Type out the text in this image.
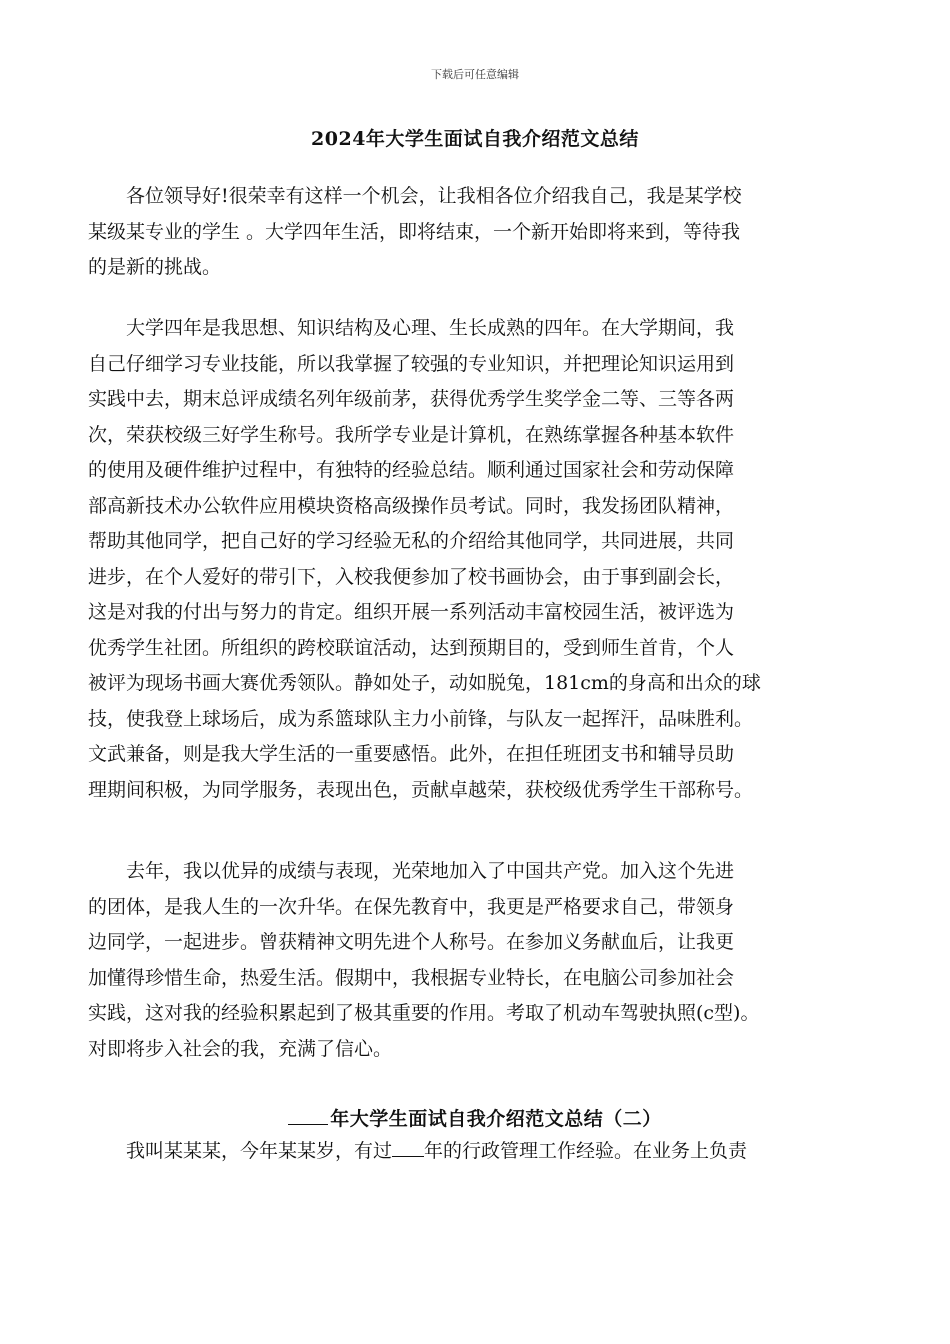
下载后可任意编辑
2024年大学生面试自我介绍范文总结
　　各位领导好!很荣幸有这样一个机会，让我相各位介绍我自己，我是某学校
某级某专业的学生 。大学四年生活，即将结束，一个新开始即将来到，等待我
的是新的挑战。
　　大学四年是我思想、知识结构及心理、生长成熟的四年。在大学期间，我
自己仔细学习专业技能，所以我掌握了较强的专业知识，并把理论知识运用到
实践中去，期末总评成绩名列年级前茅，获得优秀学生奖学金二等、三等各两
次，荣获校级三好学生称号。我所学专业是计算机，在熟练掌握各种基本软件
的使用及硬件维护过程中，有独特的经验总结。顺利通过国家社会和劳动保障
部高新技术办公软件应用模块资格高级操作员考试。同时，我发扬团队精神，
帮助其他同学，把自己好的学习经验无私的介绍给其他同学，共同进展，共同
进步，在个人爱好的带引下，入校我便参加了校书画协会，由于事到副会长，
这是对我的付出与努力的肯定。组织开展一系列活动丰富校园生活，被评选为
优秀学生社团。所组织的跨校联谊活动，达到预期目的，受到师生首肯，个人
被评为现场书画大赛优秀领队。静如处子，动如脱兔，181cm的身高和出众的球
技，使我登上球场后，成为系篮球队主力小前锋，与队友一起挥汗，品味胜利。
文武兼备，则是我大学生活的一重要感悟。此外，在担任班团支书和辅导员助
理期间积极，为同学服务，表现出色，贡献卓越荣，获校级优秀学生干部称号。
　　去年，我以优异的成绩与表现，光荣地加入了中国共产党。加入这个先进
的团体，是我人生的一次升华。在保先教育中，我更是严格要求自己，带领身
边同学，一起进步。曾获精神文明先进个人称号。在参加义务献血后，让我更
加懂得珍惜生命，热爱生活。假期中，我根据专业特长，在电脑公司参加社会
实践，这对我的经验积累起到了极其重要的作用。考取了机动车驾驶执照(c型)。
对即将步入社会的我，充满了信心。
年大学生面试自我介绍范文总结（二）
　　我叫某某某，今年某某岁，有过 年的行政管理工作经验。在业务上负责
